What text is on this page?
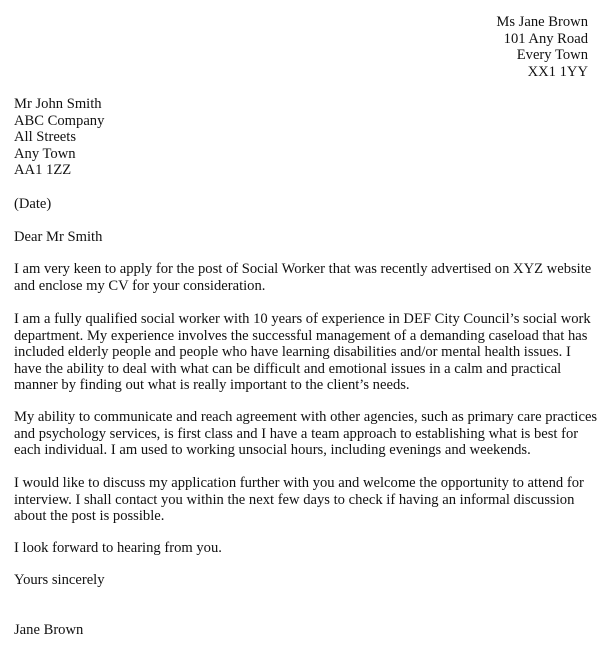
Ms Jane Brown
101 Any Road
Every Town
XX1 1YY
Mr John Smith
ABC Company
All Streets
Any Town
AA1 1ZZ
(Date)
Dear Mr Smith
I am very keen to apply for the post of Social Worker that was recently advertised on XYZ website
and enclose my CV for your consideration.
I am a fully qualified social worker with 10 years of experience in DEF City Council’s social work
department. My experience involves the successful management of a demanding caseload that has
included elderly people and people who have learning disabilities and/or mental health issues. I
have the ability to deal with what can be difficult and emotional issues in a calm and practical
manner by finding out what is really important to the client’s needs.
My ability to communicate and reach agreement with other agencies, such as primary care practices
and psychology services, is first class and I have a team approach to establishing what is best for
each individual. I am used to working unsocial hours, including evenings and weekends.
I would like to discuss my application further with you and welcome the opportunity to attend for
interview. I shall contact you within the next few days to check if having an informal discussion
about the post is possible.
I look forward to hearing from you.
Yours sincerely
Jane Brown
